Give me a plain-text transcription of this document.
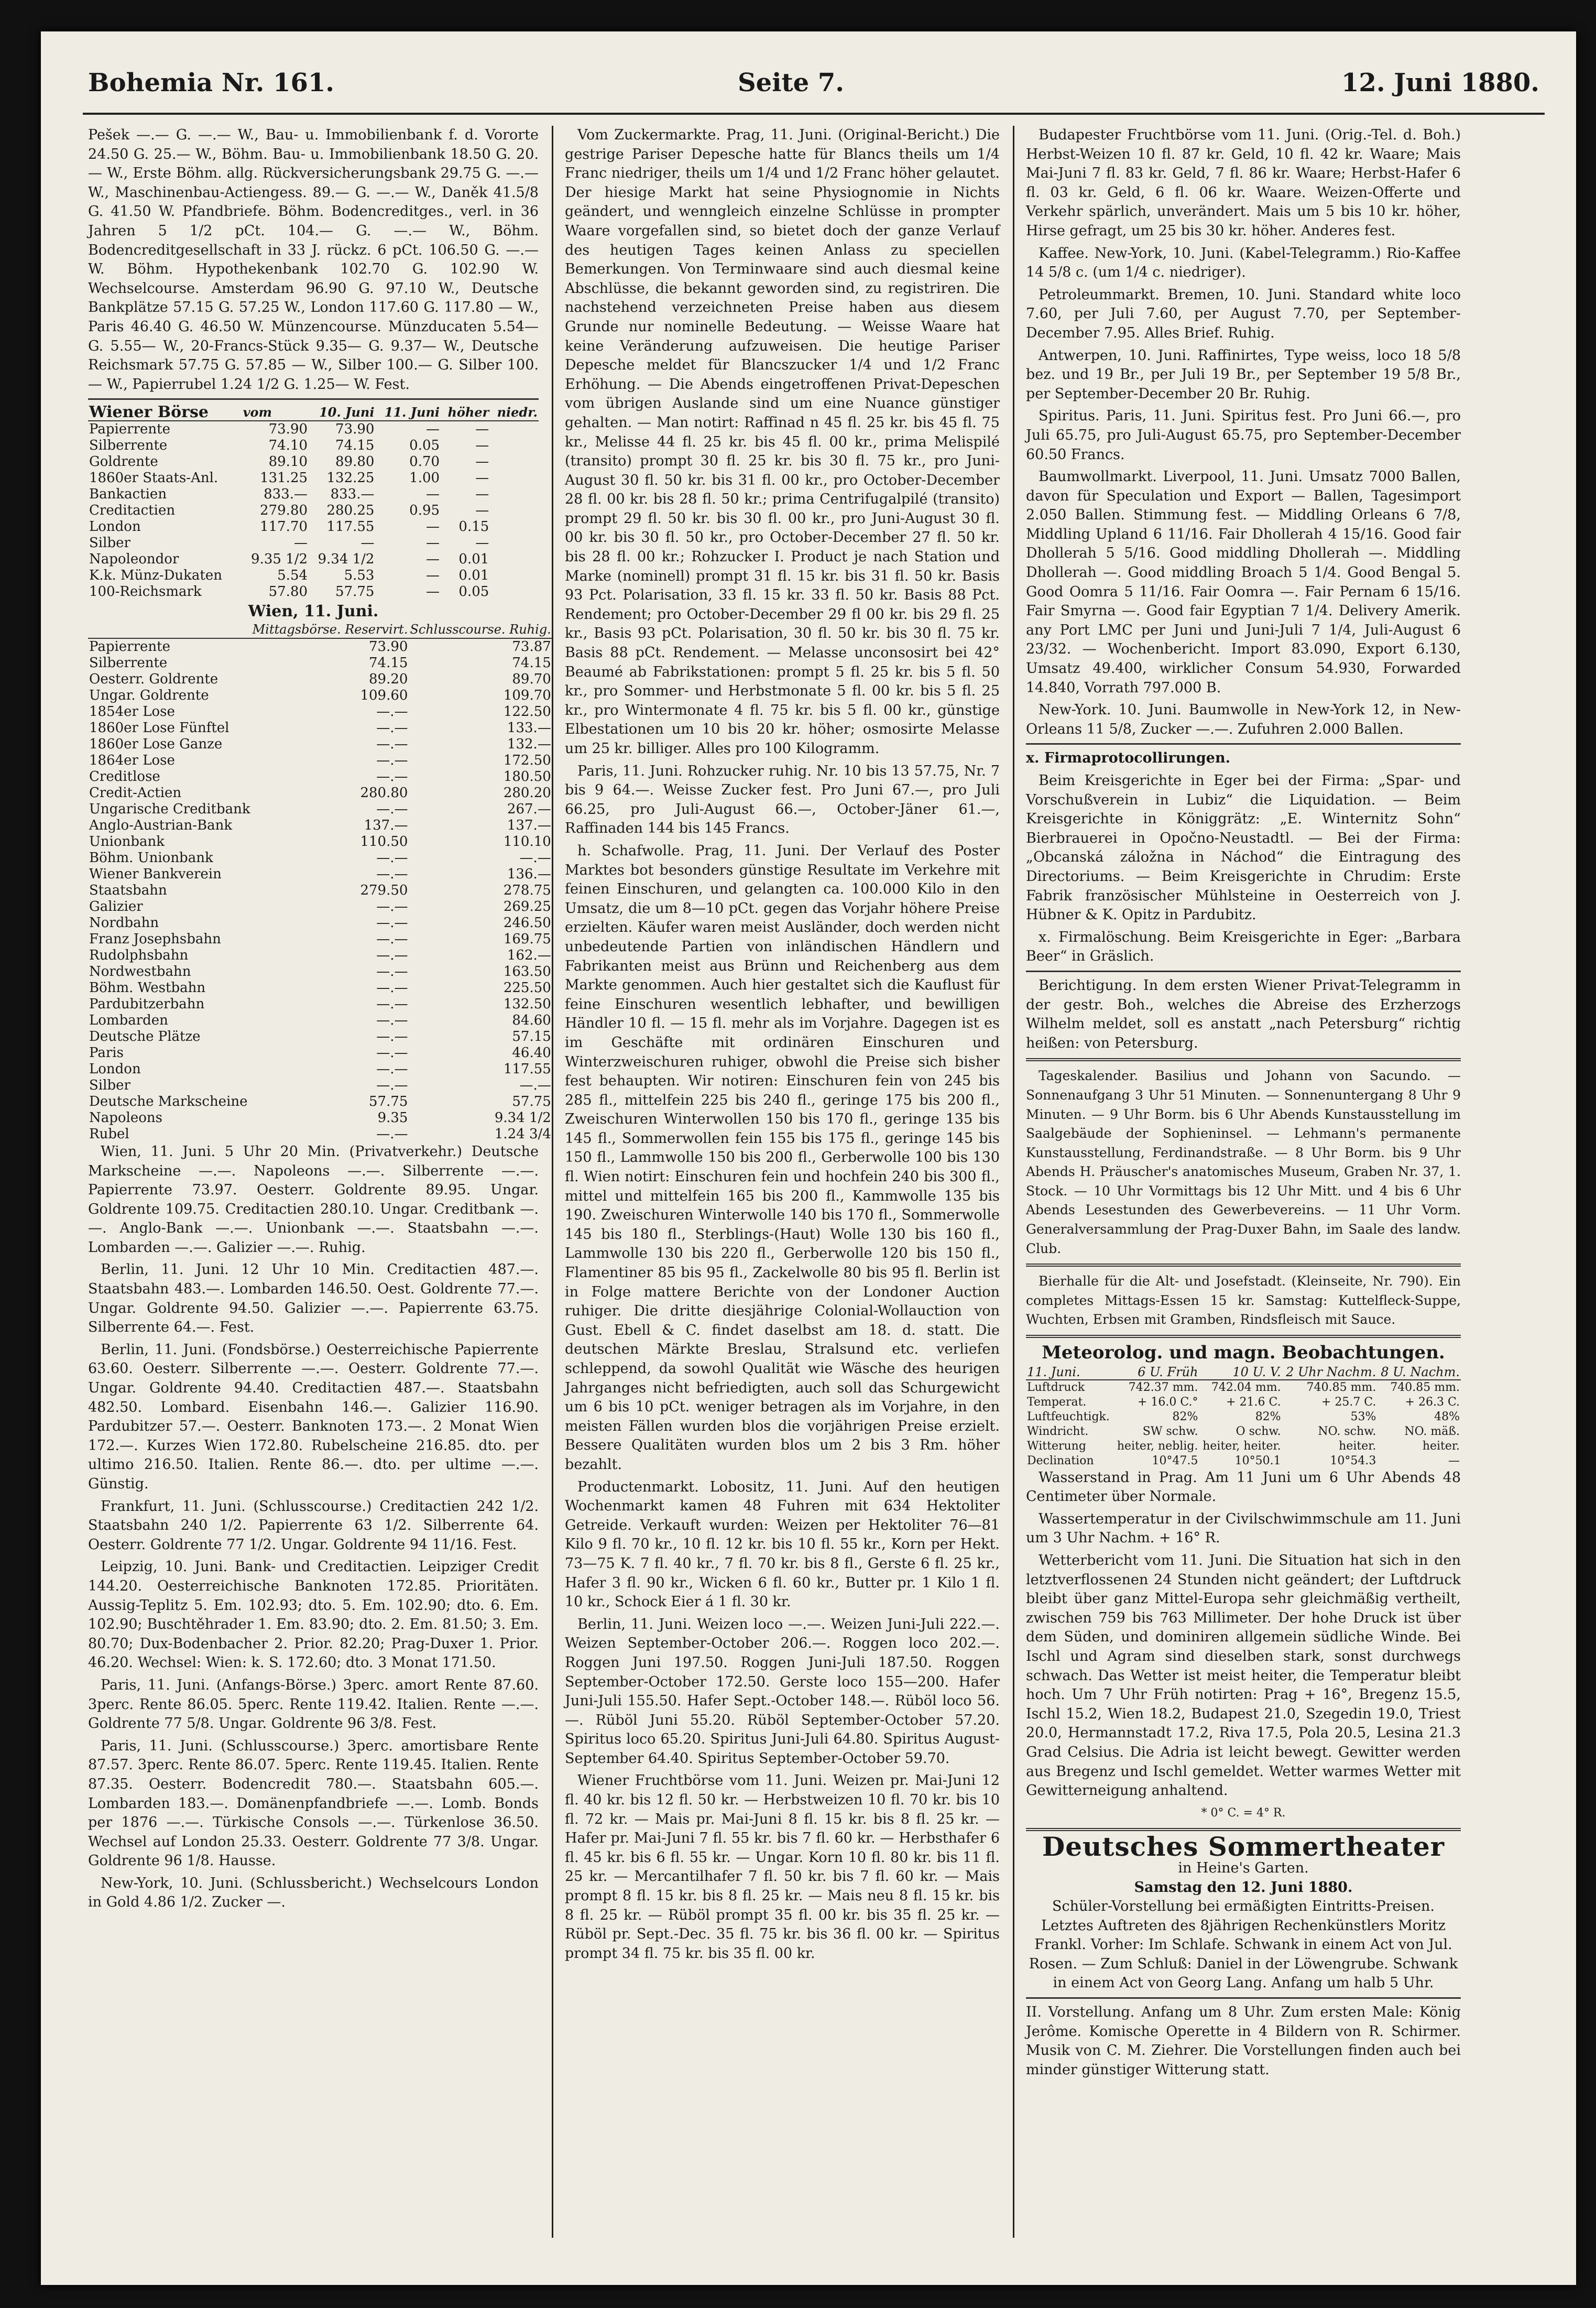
Bohemia Nr. 161.	Seite 7.	12. Juni 1880.

Pešek —.— G. —.— W., Bau- u. Immobilienbank f. d. Vororte 24.50 G. 25.— W., Böhm. Bau- u. Immobilienbank 18.50 G. 20.— W., Erste Böhm. allg. Rückversicherungsbank 29.75 G. —.— W., Maschinenbau-Actiengess. 89.— G. —.— W., Daněk 41.5/8 G. 41.50 W. Pfandbriefe. Böhm. Bodencreditges., verl. in 36 Jahren 5 1/2 pCt. 104.— G. —.— W., Böhm. Bodencreditgesellschaft in 33 J. rückz. 6 pCt. 106.50 G. —.— W. Böhm. Hypothekenbank 102.70 G. 102.90 W. Wechselcourse. Amsterdam 96.90 G. 97.10 W., Deutsche Bankplätze 57.15 G. 57.25 W., London 117.60 G. 117.80 — W., Paris 46.40 G. 46.50 W. Münzencourse. Münzducaten 5.54— G. 5.55— W., 20-Francs-Stück 9.35— G. 9.37— W., Deutsche Reichsmark 57.75 G. 57.85 — W., Silber 100.— G. Silber 100.— W., Papierrubel 1.24 1/2 G. 1.25— W. Fest.

Wiener Börse	vom	10. Juni	11. Juni	höher	niedr.
Papierrente	73.90	73.90	—	—	
Silberrente	74.10	74.15	0.05	—	
Goldrente	89.10	89.80	0.70	—	
1860er Staats-Anl.	131.25	132.25	1.00	—	
Bankactien	833.—	833.—	—	—	
Creditactien	279.80	280.25	0.95	—	
London	117.70	117.55	—	0.15	
Silber	—	—	—	—	
Napoleondor	9.35 1/2	9.34 1/2	—	0.01	
K.k. Münz-Dukaten	5.54	5.53	—	0.01	
100-Reichsmark	57.80	57.75	—	0.05	
Wien, 11. Juni.
	Mittagsbörse. Reservirt.	Schlusscourse. Ruhig.
Papierrente	73.90	73.87
Silberrente	74.15	74.15
Oesterr. Goldrente	89.20	89.70
Ungar. Goldrente	109.60	109.70
1854er Lose	—.—	122.50
1860er Lose Fünftel	—.—	133.—
1860er Lose Ganze	—.—	132.—
1864er Lose	—.—	172.50
Creditlose	—.—	180.50
Credit-Actien	280.80	280.20
Ungarische Creditbank	—.—	267.—
Anglo-Austrian-Bank	137.—	137.—
Unionbank	110.50	110.10
Böhm. Unionbank	—.—	—.—
Wiener Bankverein	—.—	136.—
Staatsbahn	279.50	278.75
Galizier	—.—	269.25
Nordbahn	—.—	246.50
Franz Josephsbahn	—.—	169.75
Rudolphsbahn	—.—	162.—
Nordwestbahn	—.—	163.50
Böhm. Westbahn	—.—	225.50
Pardubitzerbahn	—.—	132.50
Lombarden	—.—	84.60
Deutsche Plätze	—.—	57.15
Paris	—.—	46.40
London	—.—	117.55
Silber	—.—	—.—
Deutsche Markscheine	57.75	57.75
Napoleons	9.35	9.34 1/2
Rubel	—.—	1.24 3/4

Wien, 11. Juni. 5 Uhr 20 Min. (Privatverkehr.) Deutsche Markscheine —.—. Napoleons —.—. Silberrente —.—. Papierrente 73.97. Oesterr. Goldrente 89.95. Ungar. Goldrente 109.75. Creditactien 280.10. Ungar. Creditbank —.—. Anglo-Bank —.—. Unionbank —.—. Staatsbahn —.—. Lombarden —.—. Galizier —.—. Ruhig.

Berlin, 11. Juni. 12 Uhr 10 Min. Creditactien 487.—. Staatsbahn 483.—. Lombarden 146.50. Oest. Goldrente 77.—. Ungar. Goldrente 94.50. Galizier —.—. Papierrente 63.75. Silberrente 64.—. Fest.

Berlin, 11. Juni. (Fondsbörse.) Oesterreichische Papierrente 63.60. Oesterr. Silberrente —.—. Oesterr. Goldrente 77.—. Ungar. Goldrente 94.40. Creditactien 487.—. Staatsbahn 482.50. Lombard. Eisenbahn 146.—. Galizier 116.90. Pardubitzer 57.—. Oesterr. Banknoten 173.—. 2 Monat Wien 172.—. Kurzes Wien 172.80. Rubelscheine 216.85. dto. per ultimo 216.50. Italien. Rente 86.—. dto. per ultime —.—. Günstig.

Frankfurt, 11. Juni. (Schlusscourse.) Creditactien 242 1/2. Staatsbahn 240 1/2. Papierrente 63 1/2. Silberrente 64. Oesterr. Goldrente 77 1/2. Ungar. Goldrente 94 11/16. Fest.

Leipzig, 10. Juni. Bank- und Creditactien. Leipziger Credit 144.20. Oesterreichische Banknoten 172.85. Prioritäten. Aussig-Teplitz 5. Em. 102.93; dto. 5. Em. 102.90; dto. 6. Em. 102.90; Buschtěhrader 1. Em. 83.90; dto. 2. Em. 81.50; 3. Em. 80.70; Dux-Bodenbacher 2. Prior. 82.20; Prag-Duxer 1. Prior. 46.20. Wechsel: Wien: k. S. 172.60; dto. 3 Monat 171.50.

Paris, 11. Juni. (Anfangs-Börse.) 3perc. amort Rente 87.60. 3perc. Rente 86.05. 5perc. Rente 119.42. Italien. Rente —.—. Goldrente 77 5/8. Ungar. Goldrente 96 3/8. Fest.

Paris, 11. Juni. (Schlusscourse.) 3perc. amortisbare Rente 87.57. 3perc. Rente 86.07. 5perc. Rente 119.45. Italien. Rente 87.35. Oesterr. Bodencredit 780.—. Staatsbahn 605.—. Lombarden 183.—. Domänenpfandbriefe —.—. Lomb. Bonds per 1876 —.—. Türkische Consols —.—. Türkenlose 36.50. Wechsel auf London 25.33. Oesterr. Goldrente 77 3/8. Ungar. Goldrente 96 1/8. Hausse.

New-York, 10. Juni. (Schlussbericht.) Wechselcours London in Gold 4.86 1/2. Zucker —.

Vom Zuckermarkte. Prag, 11. Juni. (Original-Bericht.) Die gestrige Pariser Depesche hatte für Blancs theils um 1/4 Franc niedriger, theils um 1/4 und 1/2 Franc höher gelautet. Der hiesige Markt hat seine Physiognomie in Nichts geändert, und wenngleich einzelne Schlüsse in prompter Waare vorgefallen sind, so bietet doch der ganze Verlauf des heutigen Tages keinen Anlass zu speciellen Bemerkungen. Von Terminwaare sind auch diesmal keine Abschlüsse, die bekannt geworden sind, zu registriren. Die nachstehend verzeichneten Preise haben aus diesem Grunde nur nominelle Bedeutung. — Weisse Waare hat keine Veränderung aufzuweisen. Die heutige Pariser Depesche meldet für Blancszucker 1/4 und 1/2 Franc Erhöhung. — Die Abends eingetroffenen Privat-Depeschen vom übrigen Auslande sind um eine Nuance günstiger gehalten. — Man notirt: Raffinad n 45 fl. 25 kr. bis 45 fl. 75 kr., Melisse 44 fl. 25 kr. bis 45 fl. 00 kr., prima Melispilé (transito) prompt 30 fl. 25 kr. bis 30 fl. 75 kr., pro Juni-August 30 fl. 50 kr. bis 31 fl. 00 kr., pro October-December 28 fl. 00 kr. bis 28 fl. 50 kr.; prima Centrifugalpilé (transito) prompt 29 fl. 50 kr. bis 30 fl. 00 kr., pro Juni-August 30 fl. 00 kr. bis 30 fl. 50 kr., pro October-December 27 fl. 50 kr. bis 28 fl. 00 kr.; Rohzucker I. Product je nach Station und Marke (nominell) prompt 31 fl. 15 kr. bis 31 fl. 50 kr. Basis 93 Pct. Polarisation, 33 fl. 15 kr. 33 fl. 50 kr. Basis 88 Pct. Rendement; pro October-December 29 fl 00 kr. bis 29 fl. 25 kr., Basis 93 pCt. Polarisation, 30 fl. 50 kr. bis 30 fl. 75 kr. Basis 88 pCt. Rendement. — Melasse unconsosirt bei 42° Beaumé ab Fabrikstationen: prompt 5 fl. 25 kr. bis 5 fl. 50 kr., pro Sommer- und Herbstmonate 5 fl. 00 kr. bis 5 fl. 25 kr., pro Wintermonate 4 fl. 75 kr. bis 5 fl. 00 kr., günstige Elbestationen um 10 bis 20 kr. höher; osmosirte Melasse um 25 kr. billiger. Alles pro 100 Kilogramm.

Paris, 11. Juni. Rohzucker ruhig. Nr. 10 bis 13 57.75, Nr. 7 bis 9 64.—. Weisse Zucker fest. Pro Juni 67.—, pro Juli 66.25, pro Juli-August 66.—, October-Jäner 61.—, Raffinaden 144 bis 145 Francs.

h. Schafwolle. Prag, 11. Juni. Der Verlauf des Poster Marktes bot besonders günstige Resultate im Verkehre mit feinen Einschuren, und gelangten ca. 100.000 Kilo in den Umsatz, die um 8—10 pCt. gegen das Vorjahr höhere Preise erzielten. Käufer waren meist Ausländer, doch werden nicht unbedeutende Partien von inländischen Händlern und Fabrikanten meist aus Brünn und Reichenberg aus dem Markte genommen. Auch hier gestaltet sich die Kauflust für feine Einschuren wesentlich lebhafter, und bewilligen Händler 10 fl. — 15 fl. mehr als im Vorjahre. Dagegen ist es im Geschäfte mit ordinären Einschuren und Winterzweischuren ruhiger, obwohl die Preise sich bisher fest behaupten. Wir notiren: Einschuren fein von 245 bis 285 fl., mittelfein 225 bis 240 fl., geringe 175 bis 200 fl., Zweischuren Winterwollen 150 bis 170 fl., geringe 135 bis 145 fl., Sommerwollen fein 155 bis 175 fl., geringe 145 bis 150 fl., Lammwolle 150 bis 200 fl., Gerberwolle 100 bis 130 fl. Wien notirt: Einschuren fein und hochfein 240 bis 300 fl., mittel und mittelfein 165 bis 200 fl., Kammwolle 135 bis 190. Zweischuren Winterwolle 140 bis 170 fl., Sommerwolle 145 bis 180 fl., Sterblings-(Haut) Wolle 130 bis 160 fl., Lammwolle 130 bis 220 fl., Gerberwolle 120 bis 150 fl., Flamentiner 85 bis 95 fl., Zackelwolle 80 bis 95 fl. Berlin ist in Folge mattere Berichte von der Londoner Auction ruhiger. Die dritte diesjährige Colonial-Wollauction von Gust. Ebell & C. findet daselbst am 18. d. statt. Die deutschen Märkte Breslau, Stralsund etc. verliefen schleppend, da sowohl Qualität wie Wäsche des heurigen Jahrganges nicht befriedigten, auch soll das Schurgewicht um 6 bis 10 pCt. weniger betragen als im Vorjahre, in den meisten Fällen wurden blos die vorjährigen Preise erzielt. Bessere Qualitäten wurden blos um 2 bis 3 Rm. höher bezahlt.

Productenmarkt. Lobositz, 11. Juni. Auf den heutigen Wochenmarkt kamen 48 Fuhren mit 634 Hektoliter Getreide. Verkauft wurden: Weizen per Hektoliter 76—81 Kilo 9 fl. 70 kr., 10 fl. 12 kr. bis 10 fl. 55 kr., Korn per Hekt. 73—75 K. 7 fl. 40 kr., 7 fl. 70 kr. bis 8 fl., Gerste 6 fl. 25 kr., Hafer 3 fl. 90 kr., Wicken 6 fl. 60 kr., Butter pr. 1 Kilo 1 fl. 10 kr., Schock Eier á 1 fl. 30 kr.

Berlin, 11. Juni. Weizen loco —.—. Weizen Juni-Juli 222.—. Weizen September-October 206.—. Roggen loco 202.—. Roggen Juni 197.50. Roggen Juni-Juli 187.50. Roggen September-October 172.50. Gerste loco 155—200. Hafer Juni-Juli 155.50. Hafer Sept.-October 148.—. Rüböl loco 56.—. Rüböl Juni 55.20. Rüböl September-October 57.20. Spiritus loco 65.20. Spiritus Juni-Juli 64.80. Spiritus August-September 64.40. Spiritus September-October 59.70.

Wiener Fruchtbörse vom 11. Juni. Weizen pr. Mai-Juni 12 fl. 40 kr. bis 12 fl. 50 kr. — Herbstweizen 10 fl. 70 kr. bis 10 fl. 72 kr. — Mais pr. Mai-Juni 8 fl. 15 kr. bis 8 fl. 25 kr. — Hafer pr. Mai-Juni 7 fl. 55 kr. bis 7 fl. 60 kr. — Herbsthafer 6 fl. 45 kr. bis 6 fl. 55 kr. — Ungar. Korn 10 fl. 80 kr. bis 11 fl. 25 kr. — Mercantilhafer 7 fl. 50 kr. bis 7 fl. 60 kr. — Mais prompt 8 fl. 15 kr. bis 8 fl. 25 kr. — Mais neu 8 fl. 15 kr. bis 8 fl. 25 kr. — Rüböl prompt 35 fl. 00 kr. bis 35 fl. 25 kr. — Rüböl pr. Sept.-Dec. 35 fl. 75 kr. bis 36 fl. 00 kr. — Spiritus prompt 34 fl. 75 kr. bis 35 fl. 00 kr.

Budapester Fruchtbörse vom 11. Juni. (Orig.-Tel. d. Boh.) Herbst-Weizen 10 fl. 87 kr. Geld, 10 fl. 42 kr. Waare; Mais Mai-Juni 7 fl. 83 kr. Geld, 7 fl. 86 kr. Waare; Herbst-Hafer 6 fl. 03 kr. Geld, 6 fl. 06 kr. Waare. Weizen-Offerte und Verkehr spärlich, unverändert. Mais um 5 bis 10 kr. höher, Hirse gefragt, um 25 bis 30 kr. höher. Anderes fest.

Kaffee. New-York, 10. Juni. (Kabel-Telegramm.) Rio-Kaffee 14 5/8 c. (um 1/4 c. niedriger).

Petroleummarkt. Bremen, 10. Juni. Standard white loco 7.60, per Juli 7.60, per August 7.70, per September-December 7.95. Alles Brief. Ruhig.

Antwerpen, 10. Juni. Raffinirtes, Type weiss, loco 18 5/8 bez. und 19 Br., per Juli 19 Br., per September 19 5/8 Br., per September-December 20 Br. Ruhig.

Spiritus. Paris, 11. Juni. Spiritus fest. Pro Juni 66.—, pro Juli 65.75, pro Juli-August 65.75, pro September-December 60.50 Francs.

Baumwollmarkt. Liverpool, 11. Juni. Umsatz 7000 Ballen, davon für Speculation und Export — Ballen, Tagesimport 2.050 Ballen. Stimmung fest. — Middling Orleans 6 7/8, Middling Upland 6 11/16. Fair Dhollerah 4 15/16. Good fair Dhollerah 5 5/16. Good middling Dhollerah —. Middling Dhollerah —. Good middling Broach 5 1/4. Good Bengal 5. Good Oomra 5 11/16. Fair Oomra —. Fair Pernam 6 15/16. Fair Smyrna —. Good fair Egyptian 7 1/4. Delivery Amerik. any Port LMC per Juni und Juni-Juli 7 1/4, Juli-August 6 23/32. — Wochenbericht. Import 83.090, Export 6.130, Umsatz 49.400, wirklicher Consum 54.930, Forwarded 14.840, Vorrath 797.000 B.

New-York. 10. Juni. Baumwolle in New-York 12, in New-Orleans 11 5/8, Zucker —.—. Zufuhren 2.000 Ballen.

x. Firmaprotocollirungen.

Beim Kreisgerichte in Eger bei der Firma: „Spar- und Vorschußverein in Lubiz“ die Liquidation. — Beim Kreisgerichte in Königgrätz: „E. Winternitz Sohn“ Bierbrauerei in Opočno-Neustadtl. — Bei der Firma: „Obcanská záložna in Náchod“ die Eintragung des Directoriums. — Beim Kreisgerichte in Chrudim: Erste Fabrik französischer Mühlsteine in Oesterreich von J. Hübner & K. Opitz in Pardubitz.

x. Firmalöschung. Beim Kreisgerichte in Eger: „Barbara Beer“ in Gräslich.

Berichtigung. In dem ersten Wiener Privat-Telegramm in der gestr. Boh., welches die Abreise des Erzherzogs Wilhelm meldet, soll es anstatt „nach Petersburg“ richtig heißen: von Petersburg.

Tageskalender. Basilius und Johann von Sacundo. — Sonnenaufgang 3 Uhr 51 Minuten. — Sonnenuntergang 8 Uhr 9 Minuten. — 9 Uhr Borm. bis 6 Uhr Abends Kunstausstellung im Saalgebäude der Sophieninsel. — Lehmann's permanente Kunstausstellung, Ferdinandstraße. — 8 Uhr Borm. bis 9 Uhr Abends H. Präuscher's anatomisches Museum, Graben Nr. 37, 1. Stock. — 10 Uhr Vormittags bis 12 Uhr Mitt. und 4 bis 6 Uhr Abends Lesestunden des Gewerbevereins. — 11 Uhr Vorm. Generalversammlung der Prag-Duxer Bahn, im Saale des landw. Club.

Bierhalle für die Alt- und Josefstadt. (Kleinseite, Nr. 790). Ein completes Mittags-Essen 15 kr. Samstag: Kuttelfleck-Suppe, Wuchten, Erbsen mit Gramben, Rindsfleisch mit Sauce.

Meteorolog. und magn. Beobachtungen.
11. Juni.	6 U. Früh	10 U. V.	2 Uhr Nachm.	8 U. Nachm.
Luftdruck	742.37 mm.	742.04 mm.	740.85 mm.	740.85 mm.
Temperat.	+ 16.0 C.°	+ 21.6 C.	+ 25.7 C.	+ 26.3 C.
Luftfeuchtigk.	82%	82%	53%	48%
Windricht.	SW schw.	O schw.	NO. schw.	NO. mäß.
Witterung	heiter, neblig.	heiter, heiter.	heiter.	heiter.
Declination	10°47.5	10°50.1	10°54.3	—

Wasserstand in Prag. Am 11 Juni um 6 Uhr Abends 48 Centimeter über Normale.

Wassertemperatur in der Civilschwimmschule am 11. Juni um 3 Uhr Nachm. + 16° R.

Wetterbericht vom 11. Juni. Die Situation hat sich in den letztverflossenen 24 Stunden nicht geändert; der Luftdruck bleibt über ganz Mittel-Europa sehr gleichmäßig vertheilt, zwischen 759 bis 763 Millimeter. Der hohe Druck ist über dem Süden, und dominiren allgemein südliche Winde. Bei Ischl und Agram sind dieselben stark, sonst durchwegs schwach. Das Wetter ist meist heiter, die Temperatur bleibt hoch. Um 7 Uhr Früh notirten: Prag + 16°, Bregenz 15.5, Ischl 15.2, Wien 18.2, Budapest 21.0, Szegedin 19.0, Triest 20.0, Hermannstadt 17.2, Riva 17.5, Pola 20.5, Lesina 21.3 Grad Celsius. Die Adria ist leicht bewegt. Gewitter werden aus Bregenz und Ischl gemeldet. Wetter warmes Wetter mit Gewitterneigung anhaltend.

* 0° C. = 4° R.
Deutsches Sommertheater
in Heine's Garten.
Samstag den 12. Juni 1880.

Schüler-Vorstellung bei ermäßigten Eintritts-Preisen. Letztes Auftreten des 8jährigen Rechenkünstlers Moritz Frankl. Vorher: Im Schlafe. Schwank in einem Act von Jul. Rosen. — Zum Schluß: Daniel in der Löwengrube. Schwank in einem Act von Georg Lang. Anfang um halb 5 Uhr.

II. Vorstellung. Anfang um 8 Uhr. Zum ersten Male: König Jerôme. Komische Operette in 4 Bildern von R. Schirmer. Musik von C. M. Ziehrer. Die Vorstellungen finden auch bei minder günstiger Witterung statt.
